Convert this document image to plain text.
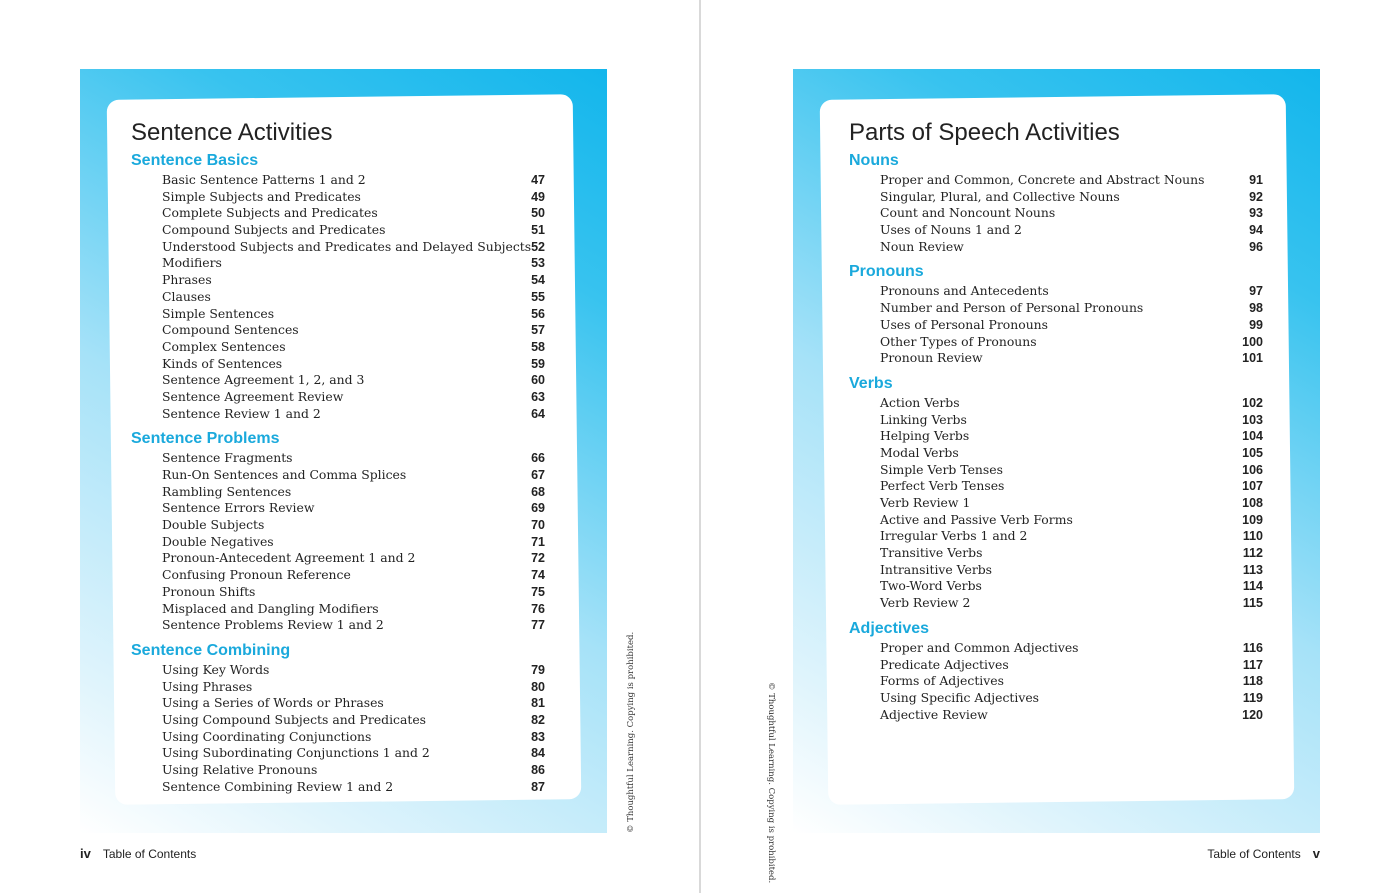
Sentence Activities
Sentence Basics
Basic Sentence Patterns 1 and 2	47
Simple Subjects and Predicates	49
Complete Subjects and Predicates	50
Compound Subjects and Predicates	51
Understood Subjects and Predicates and Delayed Subjects 52
Modifiers	53
Phrases	54
Clauses	55
Simple Sentences	56
Compound Sentences	57
Complex Sentences	58
Kinds of Sentences	59
Sentence Agreement 1, 2, and 3	60
Sentence Agreement Review	63
Sentence Review 1 and 2	64
Sentence Problems
Sentence Fragments	66
Run-On Sentences and Comma Splices	67
Rambling Sentences	68
Sentence Errors Review	69
Double Subjects	70
Double Negatives	71
Pronoun-Antecedent Agreement 1 and 2	72
Confusing Pronoun Reference	74
Pronoun Shifts	75
Misplaced and Dangling Modifiers	76
Sentence Problems Review 1 and 2	77
Sentence Combining
Using Key Words	79
Using Phrases	80
Using a Series of Words or Phrases	81
Using Compound Subjects and Predicates	82
Using Coordinating Conjunctions	83
Using Subordinating Conjunctions 1 and 2	84
Using Relative Pronouns	86
Sentence Combining Review 1 and 2	87	© Thoughtful Learning. Copying is prohibited.
iv Table of Contents
Parts of Speech Activities
Nouns
Proper and Common, Concrete and Abstract Nouns	91
Singular, Plural, and Collective Nouns	92
Count and Noncount Nouns	93
Uses of Nouns 1 and 2	94
Noun Review	96
Pronouns
Pronouns and Antecedents	97
Number and Person of Personal Pronouns	98
Uses of Personal Pronouns	99
Other Types of Pronouns	100
Pronoun Review	101
Verbs
Action Verbs	102
Linking Verbs	103
Helping Verbs	104
Modal Verbs	105
Simple Verb Tenses	106
Perfect Verb Tenses	107
Verb Review 1	108
Active and Passive Verb Forms	109
Irregular Verbs 1 and 2	110
Transitive Verbs	112
Intransitive Verbs	113
Two-Word Verbs	114
Verb Review 2	115
Adjectives
Proper and Common Adjectives	116
Predicate Adjectives	117
Forms of Adjectives	118
Using Specific Adjectives	119
Adjective Review	120
© Thoughtful Learning. Copying is prohibited.	Table of Contents v
